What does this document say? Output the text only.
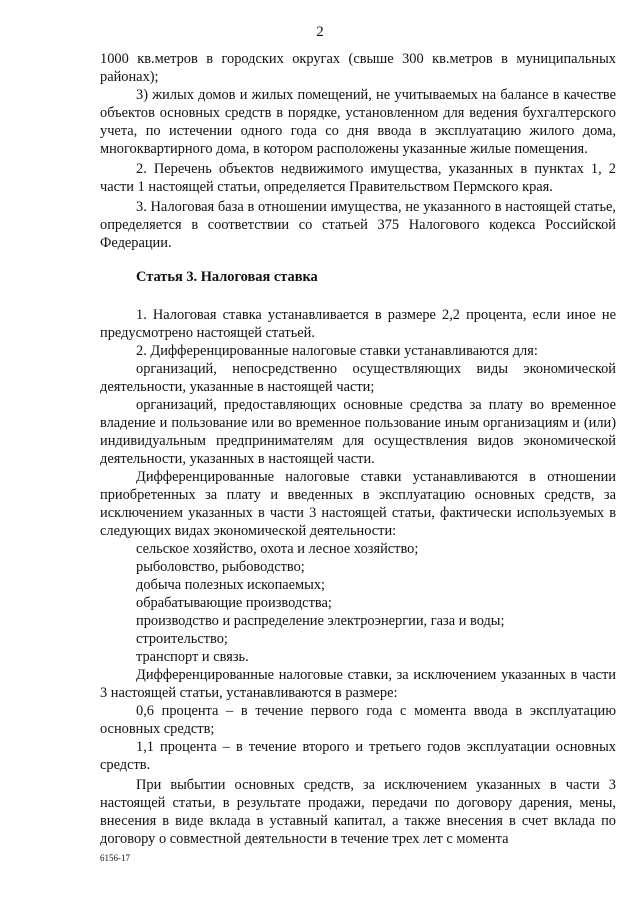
2

1000 кв.метров в городских округах (свыше 300 кв.метров в муниципальных районах);

3) жилых домов и жилых помещений, не учитываемых на балансе в качестве объектов основных средств в порядке, установленном для ведения бухгалтерского учета, по истечении одного года со дня ввода в эксплуатацию жилого дома, многоквартирного дома, в котором расположены указанные жилые помещения.

2. Перечень объектов недвижимого имущества, указанных в пунктах 1, 2 части 1 настоящей статьи, определяется Правительством Пермского края.

3. Налоговая база в отношении имущества, не указанного в настоящей статье, определяется в соответствии со статьей 375 Налогового кодекса Российской Федерации.

Статья 3. Налоговая ставка

1. Налоговая ставка устанавливается в размере 2,2 процента, если иное не предусмотрено настоящей статьей.

2. Дифференцированные налоговые ставки устанавливаются для:

организаций, непосредственно осуществляющих виды экономической деятельности, указанные в настоящей части;

организаций, предоставляющих основные средства за плату во временное владение и пользование или во временное пользование иным организациям и (или) индивидуальным предпринимателям для осуществления видов экономической деятельности, указанных в настоящей части.

Дифференцированные налоговые ставки устанавливаются в отношении приобретенных за плату и введенных в эксплуатацию основных средств, за исключением указанных в части 3 настоящей статьи, фактически используемых в следующих видах экономической деятельности:

сельское хозяйство, охота и лесное хозяйство;

рыболовство, рыбоводство;

добыча полезных ископаемых;

обрабатывающие производства;

производство и распределение электроэнергии, газа и воды;

строительство;

транспорт и связь.

Дифференцированные налоговые ставки, за исключением указанных в части 3 настоящей статьи, устанавливаются в размере:

0,6 процента – в течение первого года с момента ввода в эксплуатацию основных средств;

1,1 процента – в течение второго и третьего годов эксплуатации основных средств.

При выбытии основных средств, за исключением указанных в части 3 настоящей статьи, в результате продажи, передачи по договору дарения, мены, внесения в виде вклада в уставный капитал, а также внесения в счет вклада по договору о совместной деятельности в течение трех лет с момента

6156-17
